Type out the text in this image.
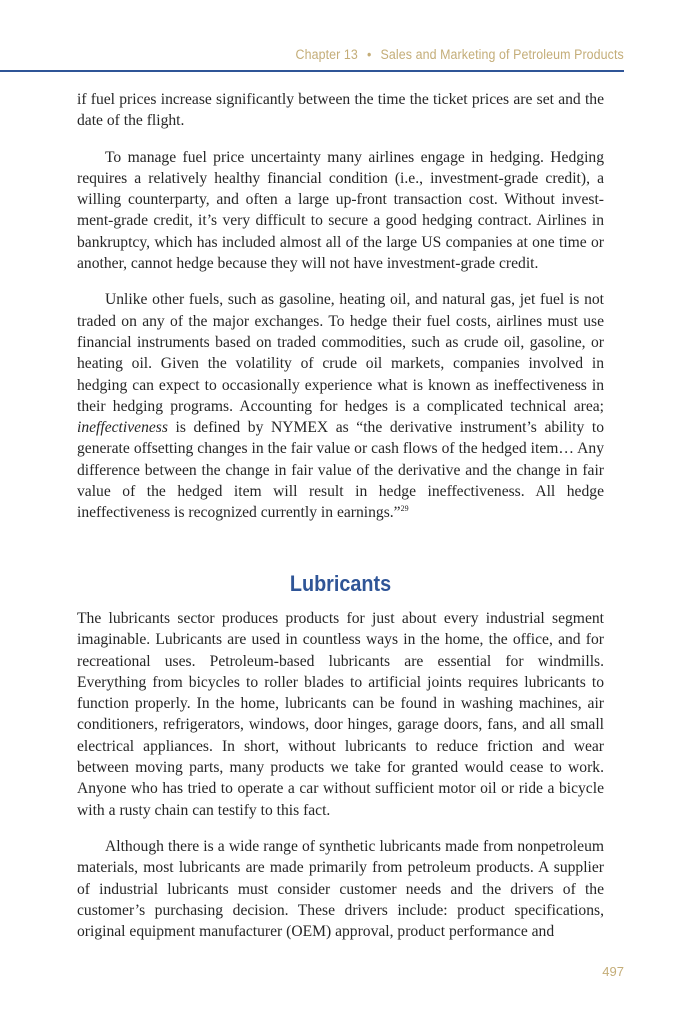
Chapter 13 • Sales and Marketing of Petroleum Products

if fuel prices increase significantly between the time the ticket prices are set and the date of the flight.

To manage fuel price uncertainty many airlines engage in hedging. Hedging requires a relatively healthy financial condition (i.e., investment-grade credit), a willing counterparty, and often a large up-front transaction cost. Without investment-grade credit, it’s very difficult to secure a good hedging contract. Airlines in bankruptcy, which has included almost all of the large US companies at one time or another, cannot hedge because they will not have investment-grade credit.

Unlike other fuels, such as gasoline, heating oil, and natural gas, jet fuel is not traded on any of the major exchanges. To hedge their fuel costs, airlines must use financial instruments based on traded commodities, such as crude oil, gasoline, or heating oil. Given the volatility of crude oil markets, companies involved in hedging can expect to occasionally experience what is known as ineffectiveness in their hedging programs. Accounting for hedges is a complicated technical area; ineffectiveness is defined by NYMEX as “the derivative instrument’s ability to generate offsetting changes in the fair value or cash flows of the hedged item… Any difference between the change in fair value of the derivative and the change in fair value of the hedged item will result in hedge ineffectiveness. All hedge ineffectiveness is recognized currently in earnings.”$^{29}$

Lubricants

The lubricants sector produces products for just about every industrial segment imaginable. Lubricants are used in countless ways in the home, the office, and for recreational uses. Petroleum-based lubricants are essential for windmills. Everything from bicycles to roller blades to artificial joints requires lubricants to function properly. In the home, lubricants can be found in washing machines, air conditioners, refrigerators, windows, door hinges, garage doors, fans, and all small electrical appliances. In short, without lubricants to reduce friction and wear between moving parts, many products we take for granted would cease to work. Anyone who has tried to operate a car without sufficient motor oil or ride a bicycle with a rusty chain can testify to this fact.

Although there is a wide range of synthetic lubricants made from nonpetroleum materials, most lubricants are made primarily from petroleum products. A supplier of industrial lubricants must consider customer needs and the drivers of the customer’s purchasing decision. These drivers include: product specifications, original equipment manufacturer (OEM) approval, product performance and

497
